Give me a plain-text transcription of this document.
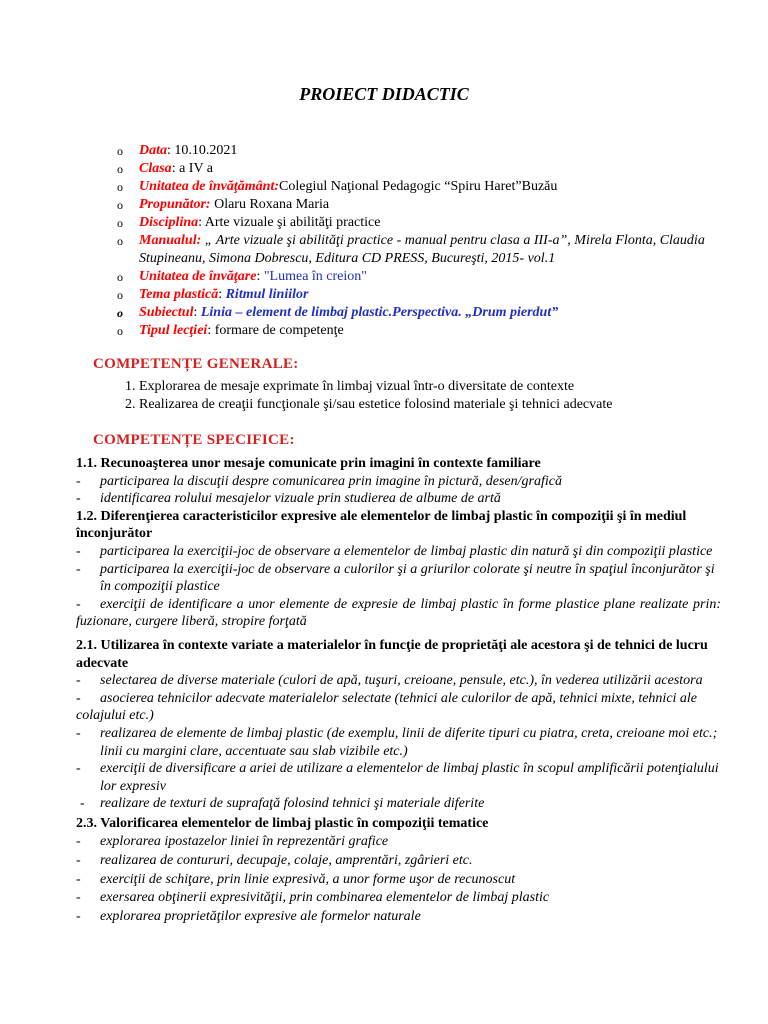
PROIECT DIDACTIC
o Data: 10.10.2021
o Clasa: a IV a
o Unitatea de învăţământ:Colegiul Naţional Pedagogic “Spiru Haret”Buzău
o Propunător: Olaru Roxana Maria
o Disciplina: Arte vizuale şi abilităţi practice
o Manualul: „ Arte vizuale şi abilităţi practice - manual pentru clasa a III-a”, Mirela Flonta, Claudia Stupineanu, Simona Dobrescu, Editura CD PRESS, Bucureşti, 2015- vol.1
o Unitatea de învăţare: "Lumea în creion"
o Tema plastică: Ritmul liniilor
o Subiectul: Linia – element de limbaj plastic.Perspectiva. „Drum pierdut”
o Tipul lecţiei: formare de competenţe
COMPETENȚE GENERALE:
1. Explorarea de mesaje exprimate în limbaj vizual într-o diversitate de contexte
2. Realizarea de creaţii funcţionale şi/sau estetice folosind materiale şi tehnici adecvate
COMPETENȚE SPECIFICE:
1.1. Recunoaşterea unor mesaje comunicate prin imagini în contexte familiare
- participarea la discuţii despre comunicarea prin imagine în pictură, desen/grafică
- identificarea rolului mesajelor vizuale prin studierea de albume de artă
1.2. Diferenţierea caracteristicilor expresive ale elementelor de limbaj plastic în compoziţii şi în mediul înconjurător
- participarea la exerciţii-joc de observare a elementelor de limbaj plastic din natură şi din compoziţii plastice
- participarea la exerciţii-joc de observare a culorilor şi a griurilor colorate şi neutre în spaţiul înconjurător şi în compoziţii plastice
- exerciţii de identificare a unor elemente de expresie de limbaj plastic în forme plastice plane realizate prin: fuzionare, curgere liberă, stropire forţată
2.1. Utilizarea în contexte variate a materialelor în funcţie de proprietăţi ale acestora şi de tehnici de lucru adecvate
- selectarea de diverse materiale (culori de apă, tuşuri, creioane, pensule, etc.), în vederea utilizării acestora
- asocierea tehnicilor adecvate materialelor selectate (tehnici ale culorilor de apă, tehnici mixte, tehnici ale colajului etc.)
- realizarea de elemente de limbaj plastic (de exemplu, linii de diferite tipuri cu piatra, creta, creioane moi etc.; linii cu margini clare, accentuate sau slab vizibile etc.)
- exerciţii de diversificare a ariei de utilizare a elementelor de limbaj plastic în scopul amplificării potenţialului lor expresiv
- realizare de texturi de suprafaţă folosind tehnici şi materiale diferite
2.3. Valorificarea elementelor de limbaj plastic în compoziţii tematice
- explorarea ipostazelor liniei în reprezentări grafice
- realizarea de contururi, decupaje, colaje, amprentări, zgârieri etc.
- exerciţii de schiţare, prin linie expresivă, a unor forme uşor de recunoscut
- exersarea obţinerii expresivităţii, prin combinarea elementelor de limbaj plastic
- explorarea proprietăţilor expresive ale formelor naturale
